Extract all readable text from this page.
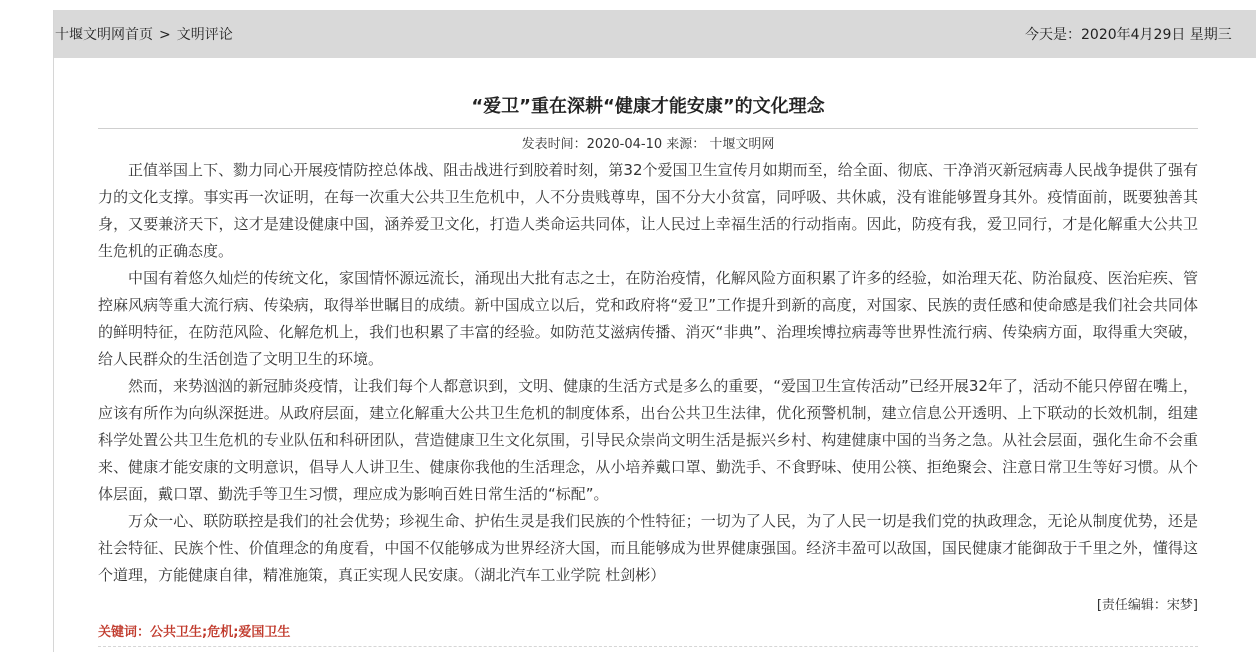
十堰文明网首页 > 文明评论	今天是：2020年4月29日 星期三
“爱卫”重在深耕“健康才能安康”的文化理念
发表时间：2020-04-10 来源： 十堰文明网

正值举国上下、勠力同心开展疫情防控总体战、阻击战进行到胶着时刻，第32个爱国卫生宣传月如期而至，给全面、彻底、干净消灭新冠病毒人民战争提供了强有力的文化支撑。事实再一次证明，在每一次重大公共卫生危机中，人不分贵贱尊卑，国不分大小贫富，同呼吸、共休戚，没有谁能够置身其外。疫情面前，既要独善其身，又要兼济天下，这才是建设健康中国，涵养爱卫文化，打造人类命运共同体，让人民过上幸福生活的行动指南。因此，防疫有我，爱卫同行，才是化解重大公共卫生危机的正确态度。

中国有着悠久灿烂的传统文化，家国情怀源远流长，涌现出大批有志之士，在防治疫情，化解风险方面积累了许多的经验，如治理天花、防治鼠疫、医治疟疾、管控麻风病等重大流行病、传染病，取得举世瞩目的成绩。新中国成立以后，党和政府将“爱卫”工作提升到新的高度，对国家、民族的责任感和使命感是我们社会共同体的鲜明特征，在防范风险、化解危机上，我们也积累了丰富的经验。如防范艾滋病传播、消灭“非典”、治理埃博拉病毒等世界性流行病、传染病方面，取得重大突破，给人民群众的生活创造了文明卫生的环境。

然而，来势汹汹的新冠肺炎疫情，让我们每个人都意识到，文明、健康的生活方式是多么的重要，“爱国卫生宣传活动”已经开展32年了，活动不能只停留在嘴上，应该有所作为向纵深挺进。从政府层面，建立化解重大公共卫生危机的制度体系，出台公共卫生法律，优化预警机制，建立信息公开透明、上下联动的长效机制，组建科学处置公共卫生危机的专业队伍和科研团队，营造健康卫生文化氛围，引导民众崇尚文明生活是振兴乡村、构建健康中国的当务之急。从社会层面，强化生命不会重来、健康才能安康的文明意识，倡导人人讲卫生、健康你我他的生活理念，从小培养戴口罩、勤洗手、不食野味、使用公筷、拒绝聚会、注意日常卫生等好习惯。从个体层面，戴口罩、勤洗手等卫生习惯，理应成为影响百姓日常生活的“标配”。

万众一心、联防联控是我们的社会优势；珍视生命、护佑生灵是我们民族的个性特征；一切为了人民，为了人民一切是我们党的执政理念，无论从制度优势，还是社会特征、民族个性、价值理念的角度看，中国不仅能够成为世界经济大国，而且能够成为世界健康强国。经济丰盈可以敌国，国民健康才能御敌于千里之外，懂得这个道理，方能健康自律，精准施策，真正实现人民安康。（湖北汽车工业学院 杜剑彬）

[责任编辑：宋梦]
关键词：公共卫生;危机;爱国卫生
